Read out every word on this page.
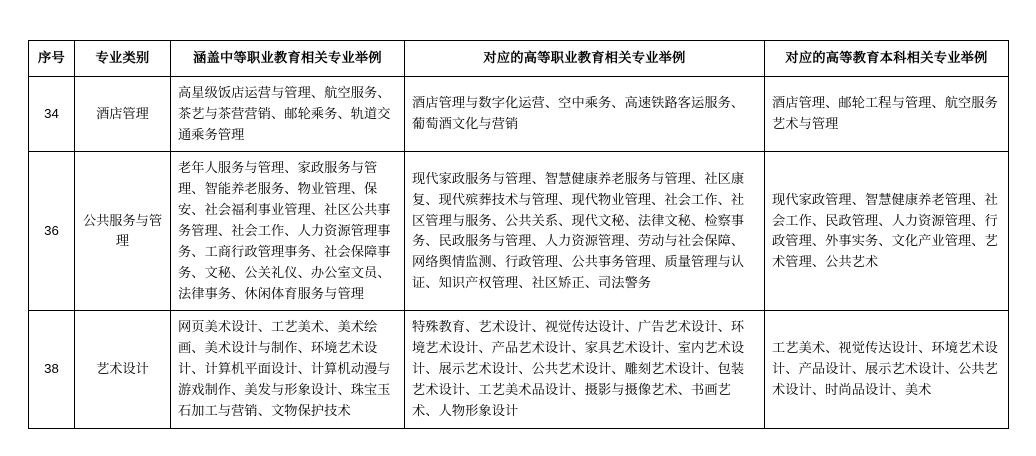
序号	专业类别	涵盖中等职业教育相关专业举例	对应的高等职业教育相关专业举例	对应的高等教育本科相关专业举例
34	酒店管理	高星级饭店运营与管理、航空服务、茶艺与茶营营销、邮轮乘务、轨道交通乘务管理	酒店管理与数字化运营、空中乘务、高速铁路客运服务、葡萄酒文化与营销	酒店管理、邮轮工程与管理、航空服务艺术与管理

36	公共服务与管理	老年人服务与管理、家政服务与管理、智能养老服务、物业管理、保安、社会福利事业管理、社区公共事务管理、社会工作、人力资源管理事务、工商行政管理事务、社会保障事务、文秘、公关礼仪、办公室文员、法律事务、休闲体育服务与管理	现代家政服务与管理、智慧健康养老服务与管理、社区康复、现代殡葬技术与管理、现代物业管理、社会工作、社区管理与服务、公共关系、现代文秘、法律文秘、检察事务、民政服务与管理、人力资源管理、劳动与社会保障、网络舆情监测、行政管理、公共事务管理、质量管理与认证、知识产权管理、社区矫正、司法警务	现代家政管理、智慧健康养老管理、社会工作、民政管理、人力资源管理、行政管理、外事实务、文化产业管理、艺术管理、公共艺术

38	艺术设计	网页美术设计、工艺美术、美术绘画、美术设计与制作、环境艺术设计、计算机平面设计、计算机动漫与游戏制作、美发与形象设计、珠宝玉石加工与营销、文物保护技术	特殊教育、艺术设计、视觉传达设计、广告艺术设计、环境艺术设计、产品艺术设计、家具艺术设计、室内艺术设计、展示艺术设计、公共艺术设计、雕刻艺术设计、包装艺术设计、工艺美术品设计、摄影与摄像艺术、书画艺术、人物形象设计	工艺美术、视觉传达设计、环境艺术设计、产品设计、展示艺术设计、公共艺术设计、时尚品设计、美术
